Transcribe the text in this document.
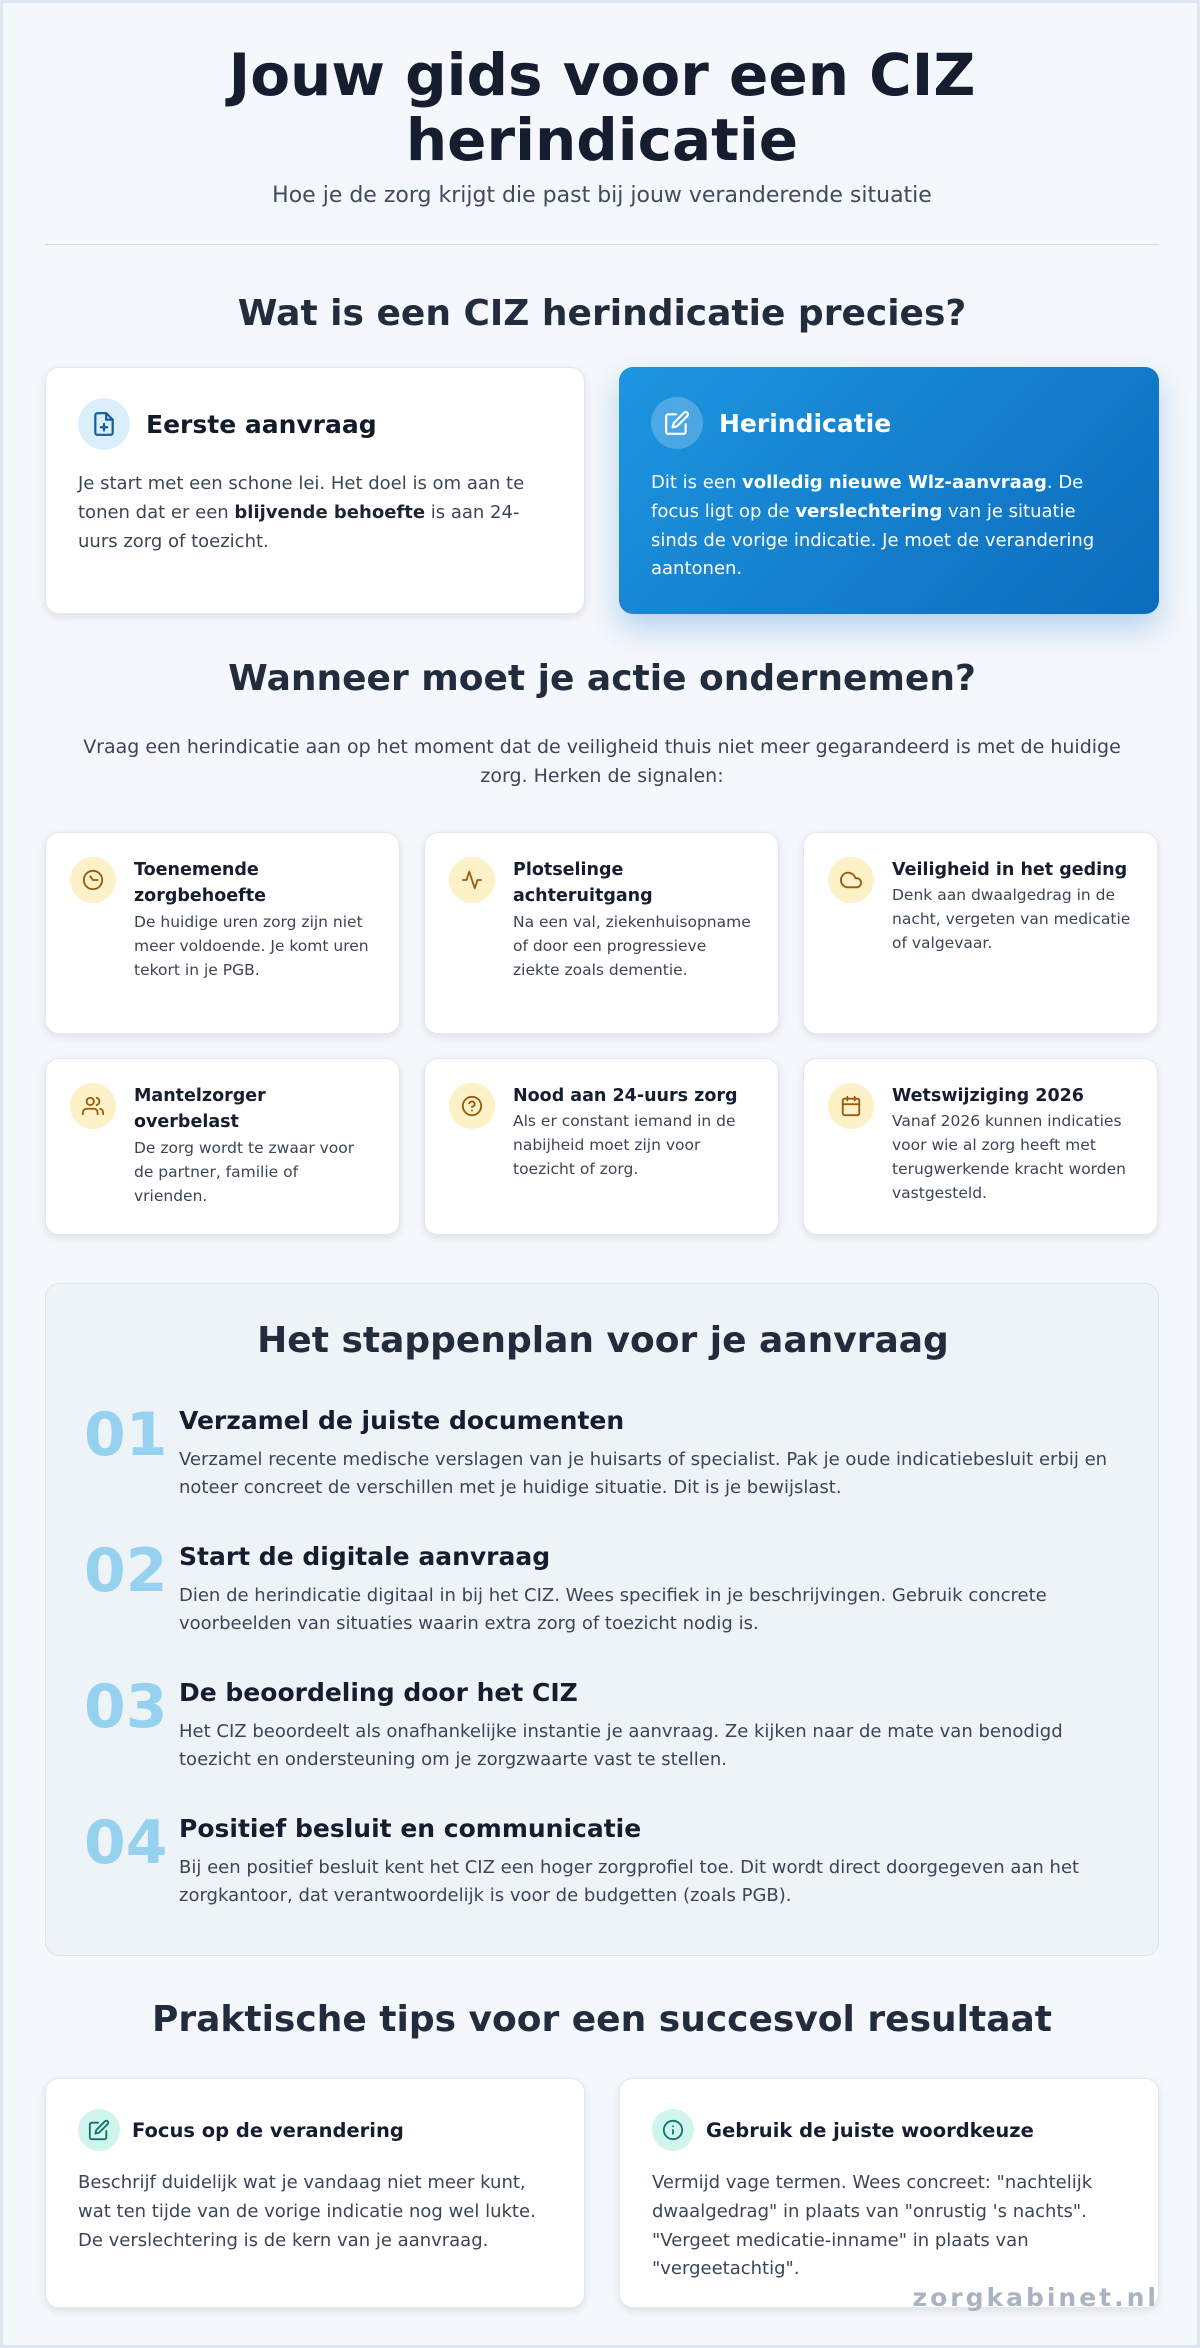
Jouw gids voor een CIZ herindicatie

Hoe je de zorg krijgt die past bij jouw veranderende situatie

Wat is een CIZ herindicatie precies?
Eerste aanvraag

Je start met een schone lei. Het doel is om aan te tonen dat er een blijvende behoefte is aan 24-uurs zorg of toezicht.

Herindicatie

Dit is een volledig nieuwe Wlz-aanvraag. De focus ligt op de verslechtering van je situatie sinds de vorige indicatie. Je moet de verandering aantonen.

Wanneer moet je actie ondernemen?

Vraag een herindicatie aan op het moment dat de veiligheid thuis niet meer gegarandeerd is met de huidige zorg. Herken de signalen:

Toenemende zorgbehoefte
De huidige uren zorg zijn niet meer voldoende. Je komt uren tekort in je PGB.
Plotselinge achteruitgang
Na een val, ziekenhuisopname of door een progressieve ziekte zoals dementie.
Veiligheid in het geding
Denk aan dwaalgedrag in de nacht, vergeten van medicatie of valgevaar.
Mantelzorger overbelast
De zorg wordt te zwaar voor de partner, familie of vrienden.
Nood aan 24-uurs zorg
Als er constant iemand in de nabijheid moet zijn voor toezicht of zorg.
Wetswijziging 2026
Vanaf 2026 kunnen indicaties voor wie al zorg heeft met terugwerkende kracht worden vastgesteld.
Het stappenplan voor je aanvraag
01 Verzamel de juiste documenten
Verzamel recente medische verslagen van je huisarts of specialist. Pak je oude indicatiebesluit erbij en noteer concreet de verschillen met je huidige situatie. Dit is je bewijslast.
02 Start de digitale aanvraag
Dien de herindicatie digitaal in bij het CIZ. Wees specifiek in je beschrijvingen. Gebruik concrete voorbeelden van situaties waarin extra zorg of toezicht nodig is.
03 De beoordeling door het CIZ
Het CIZ beoordeelt als onafhankelijke instantie je aanvraag. Ze kijken naar de mate van benodigd toezicht en ondersteuning om je zorgzwaarte vast te stellen.
04 Positief besluit en communicatie
Bij een positief besluit kent het CIZ een hoger zorgprofiel toe. Dit wordt direct doorgegeven aan het zorgkantoor, dat verantwoordelijk is voor de budgetten (zoals PGB).
Praktische tips voor een succesvol resultaat
Focus op de verandering

Beschrijf duidelijk wat je vandaag niet meer kunt, wat ten tijde van de vorige indicatie nog wel lukte. De verslechtering is de kern van je aanvraag.

Gebruik de juiste woordkeuze

Vermijd vage termen. Wees concreet: "nachtelijk dwaalgedrag" in plaats van "onrustig 's nachts". "Vergeet medicatie-inname" in plaats van "vergeetachtig".

zorgkabinet.nl
